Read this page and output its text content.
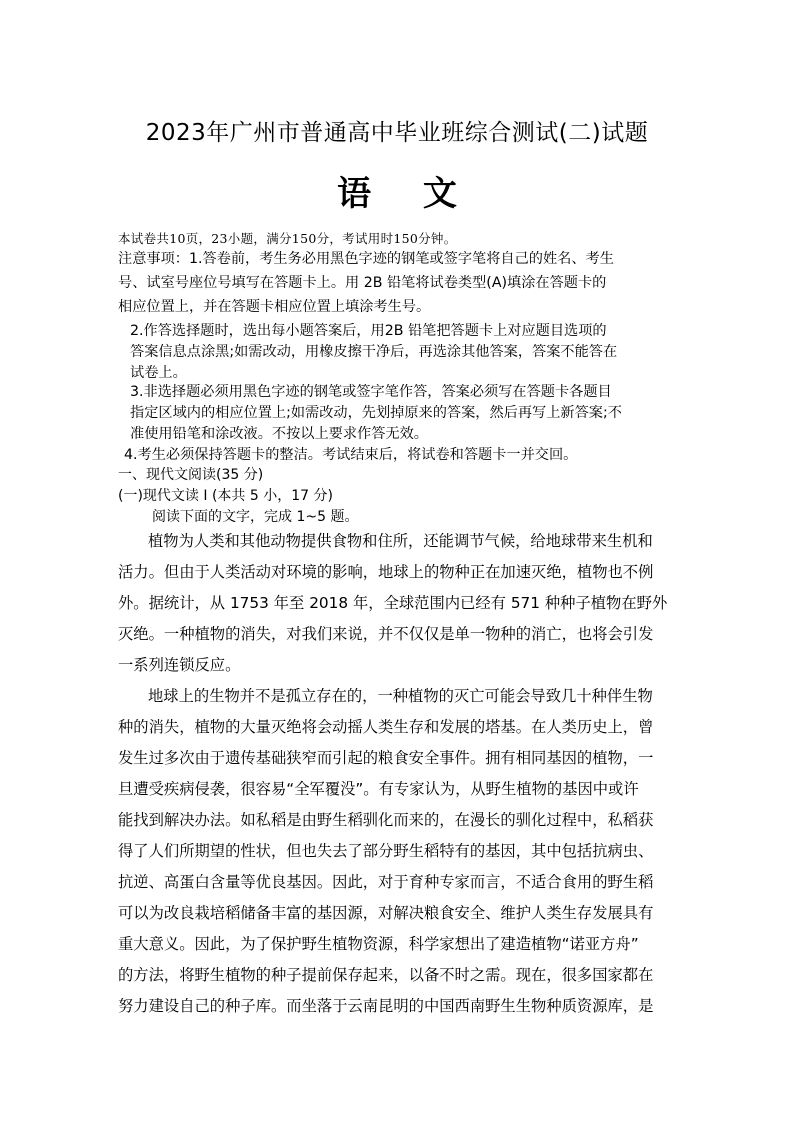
2023年广州市普通高中毕业班综合测试(二)试题
语 文
本试卷共10页，23小题，满分150分，考试用时150分钟。
注意事项：1.答卷前，考生务必用黑色字迹的钢笔或签字笔将自己的姓名、考生
号、试室号座位号填写在答题卡上。用 2B 铅笔将试卷类型(A)填涂在答题卡的
相应位置上，并在答题卡相应位置上填涂考生号。
2.作答选择题时，选出每小题答案后，用2B 铅笔把答题卡上对应题目选项的
答案信息点涂黑;如需改动，用橡皮擦干净后，再选涂其他答案，答案不能答在
试卷上。
3.非选择题必须用黑色字迹的钢笔或签字笔作答，答案必须写在答题卡各题目
指定区域内的相应位置上;如需改动，先划掉原来的答案，然后再写上新答案;不
准使用铅笔和涂改液。不按以上要求作答无效。
4.考生必须保持答题卡的整洁。考试结束后，将试卷和答题卡一并交回。
一、现代文阅读(35 分)
(一)现代文读 I (本共 5 小，17 分)
阅读下面的文字，完成 1~5 题。
植物为人类和其他动物提供食物和住所，还能调节气候，给地球带来生机和
活力。但由于人类活动对环境的影响，地球上的物种正在加速灭绝，植物也不例
外。据统计，从 1753 年至 2018 年，全球范围内已经有 571 种种子植物在野外
灭绝。一种植物的消失，对我们来说，并不仅仅是单一物种的消亡，也将会引发
一系列连锁反应。
地球上的生物并不是孤立存在的，一种植物的灭亡可能会导致几十种伴生物
种的消失，植物的大量灭绝将会动摇人类生存和发展的塔基。在人类历史上，曾
发生过多次由于遗传基础狭窄而引起的粮食安全事件。拥有相同基因的植物，一
旦遭受疾病侵袭，很容易“全军覆没”。有专家认为，从野生植物的基因中或许
能找到解决办法。如私稻是由野生稻驯化而来的，在漫长的驯化过程中，私稻获
得了人们所期望的性状，但也失去了部分野生稻特有的基因，其中包括抗病虫、
抗逆、高蛋白含量等优良基因。因此，对于育种专家而言，不适合食用的野生稻
可以为改良栽培稻储备丰富的基因源，对解决粮食安全、维护人类生存发展具有
重大意义。因此，为了保护野生植物资源，科学家想出了建造植物“诺亚方舟”
的方法，将野生植物的种子提前保存起来，以备不时之需。现在，很多国家都在
努力建设自己的种子库。而坐落于云南昆明的中国西南野生生物种质资源库，是
